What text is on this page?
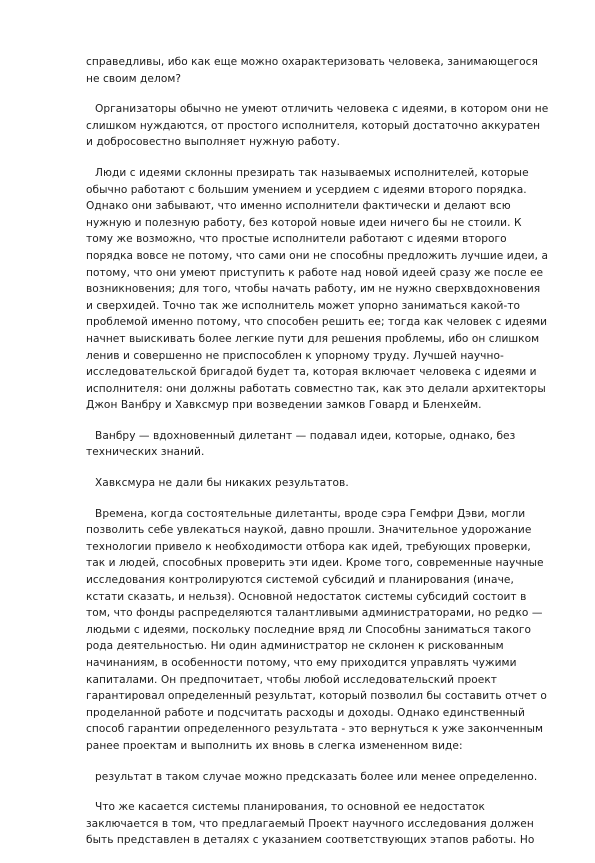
справедливы, ибо как еще можно охарактеризовать человека, занимающегося не своим делом?

Организаторы обычно не умеют отличить человека с идеями, в котором они не слишком нуждаются, от простого исполнителя, который достаточно аккуратен и добросовестно выполняет нужную работу.

Люди с идеями склонны презирать так называемых исполнителей, которые обычно работают с большим умением и усердием с идеями второго порядка. Однако они забывают, что именно исполнители фактически и делают всю нужную и полезную работу, без которой новые идеи ничего бы не стоили. К тому же возможно, что простые исполнители работают с идеями второго порядка вовсе не потому, что сами они не способны предложить лучшие идеи, а потому, что они умеют приступить к работе над новой идеей сразу же после ее возникновения; для того, чтобы начать работу, им не нужно сверхвдохновения и сверхидей. Точно так же исполнитель может упорно заниматься какой-то проблемой именно потому, что способен решить ее; тогда как человек с идеями начнет выискивать более легкие пути для решения проблемы, ибо он слишком ленив и совершенно не приспособлен к упорному труду. Лучшей научно-исследовательской бригадой будет та, которая включает человека с идеями и исполнителя: они должны работать совместно так, как это делали архитекторы Джон Ванбру и Хавксмур при возведении замков Говард и Бленхейм.

Ванбру — вдохновенный дилетант — подавал идеи, которые, однако, без технических знаний.

Хавксмура не дали бы никаких результатов.

Времена, когда состоятельные дилетанты, вроде сэра Гемфри Дэви, могли позволить себе увлекаться наукой, давно прошли. Значительное удорожание технологии привело к необходимости отбора как идей, требующих проверки, так и людей, способных проверить эти идеи. Кроме того, современные научные исследования контролируются системой субсидий и планирования (иначе, кстати сказать, и нельзя). Основной недостаток системы субсидий состоит в том, что фонды распределяются талантливыми администраторами, но редко — людьми с идеями, поскольку последние вряд ли Способны заниматься такого рода деятельностью. Ни один администратор не склонен к рискованным начинаниям, в особенности потому, что ему приходится управлять чужими капиталами. Он предпочитает, чтобы любой исследовательский проект гарантировал определенный результат, который позволил бы составить отчет о проделанной работе и подсчитать расходы и доходы. Однако единственный способ гарантии определенного результата - это вернуться к уже законченным ранее проектам и выполнить их вновь в слегка измененном виде:

результат в таком случае можно предсказать более или менее определенно.

Что же касается системы планирования, то основной ее недостаток заключается в том, что предлагаемый Проект научного исследования должен быть представлен в деталях с указанием соответствующих этапов работы. Но
